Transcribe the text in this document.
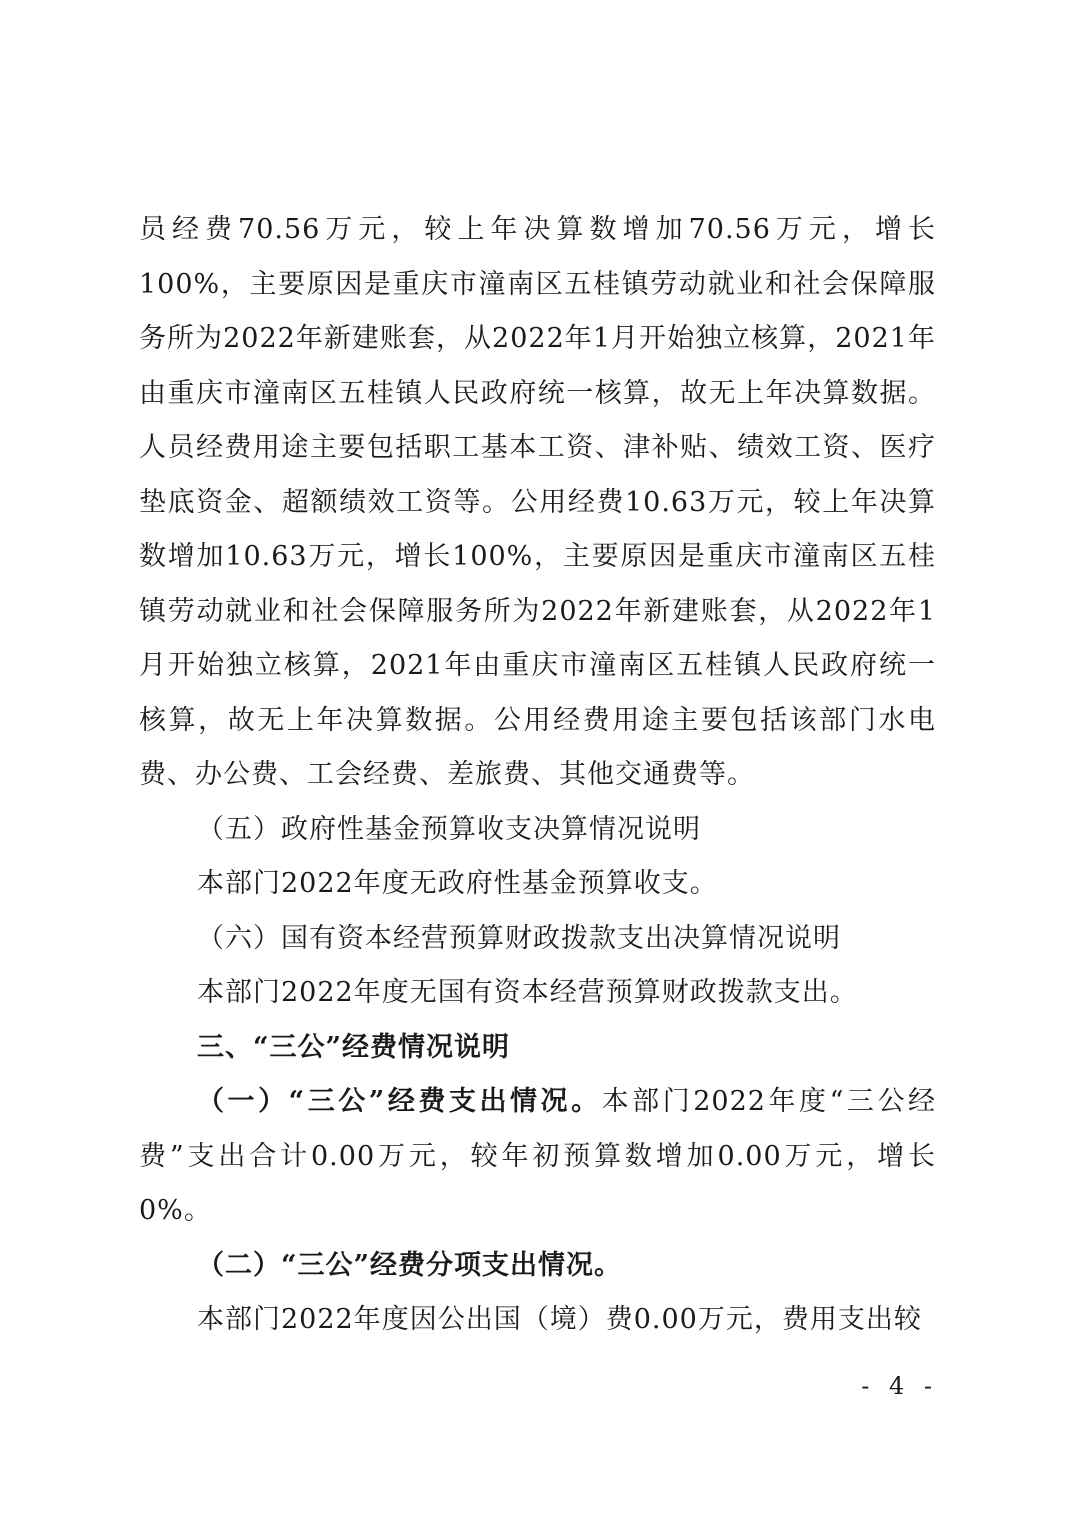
员经费70.56万元，较上年决算数增加70.56万元，增长100%，主要原因是重庆市潼南区五桂镇劳动就业和社会保障服务所为2022年新建账套，从2022年1月开始独立核算，2021年由重庆市潼南区五桂镇人民政府统一核算，故无上年决算数据。人员经费用途主要包括职工基本工资、津补贴、绩效工资、医疗垫底资金、超额绩效工资等。公用经费10.63万元，较上年决算数增加10.63万元，增长100%，主要原因是重庆市潼南区五桂镇劳动就业和社会保障服务所为2022年新建账套，从2022年1月开始独立核算，2021年由重庆市潼南区五桂镇人民政府统一核算，故无上年决算数据。公用经费用途主要包括该部门水电费、办公费、工会经费、差旅费、其他交通费等。

（五）政府性基金预算收支决算情况说明

本部门2022年度无政府性基金预算收支。

（六）国有资本经营预算财政拨款支出决算情况说明

本部门2022年度无国有资本经营预算财政拨款支出。

三、“三公”经费情况说明

（一）“三公”经费支出情况。本部门2022年度“三公经费”支出合计0.00万元，较年初预算数增加0.00万元，增长0%。

（二）“三公”经费分项支出情况。

本部门2022年度因公出国（境）费0.00万元，费用支出较

- 4 -
